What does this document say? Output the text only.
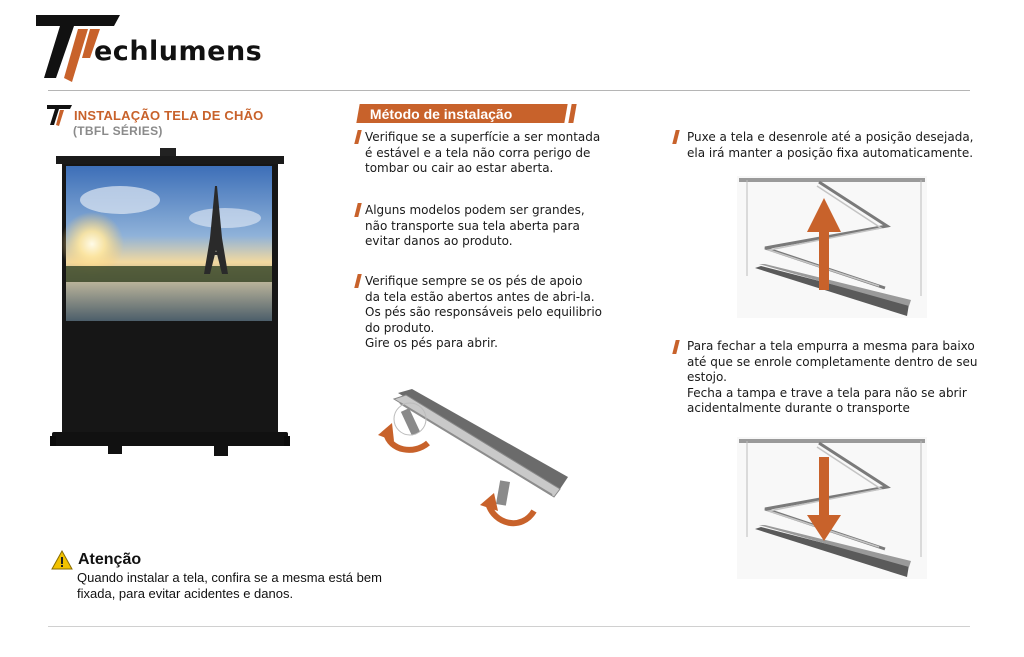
echlumens
INSTALAÇÃO TELA DE CHÃO
(TBFL SÉRIES)
Atenção
Quando instalar a tela, confira se a mesma está bem
fixada, para evitar acidentes e danos.
Método de instalação
Verifique se a superfície a ser montada
é estável e a tela não corra perigo de
tombar ou cair ao estar aberta.
Alguns modelos podem ser grandes,
não transporte sua tela aberta para
evitar danos ao produto.
Verifique sempre se os pés de apoio
da tela estão abertos antes de abri-la.
Os pés são responsáveis pelo equilibrio
do produto.
Gire os pés para abrir.
Puxe a tela e desenrole até a posição desejada,
ela irá manter a posição fixa automaticamente.
Para fechar a tela empurra a mesma para baixo
até que se enrole completamente dentro de seu
estojo.
Fecha a tampa e trave a tela para não se abrir
acidentalmente durante o transporte
